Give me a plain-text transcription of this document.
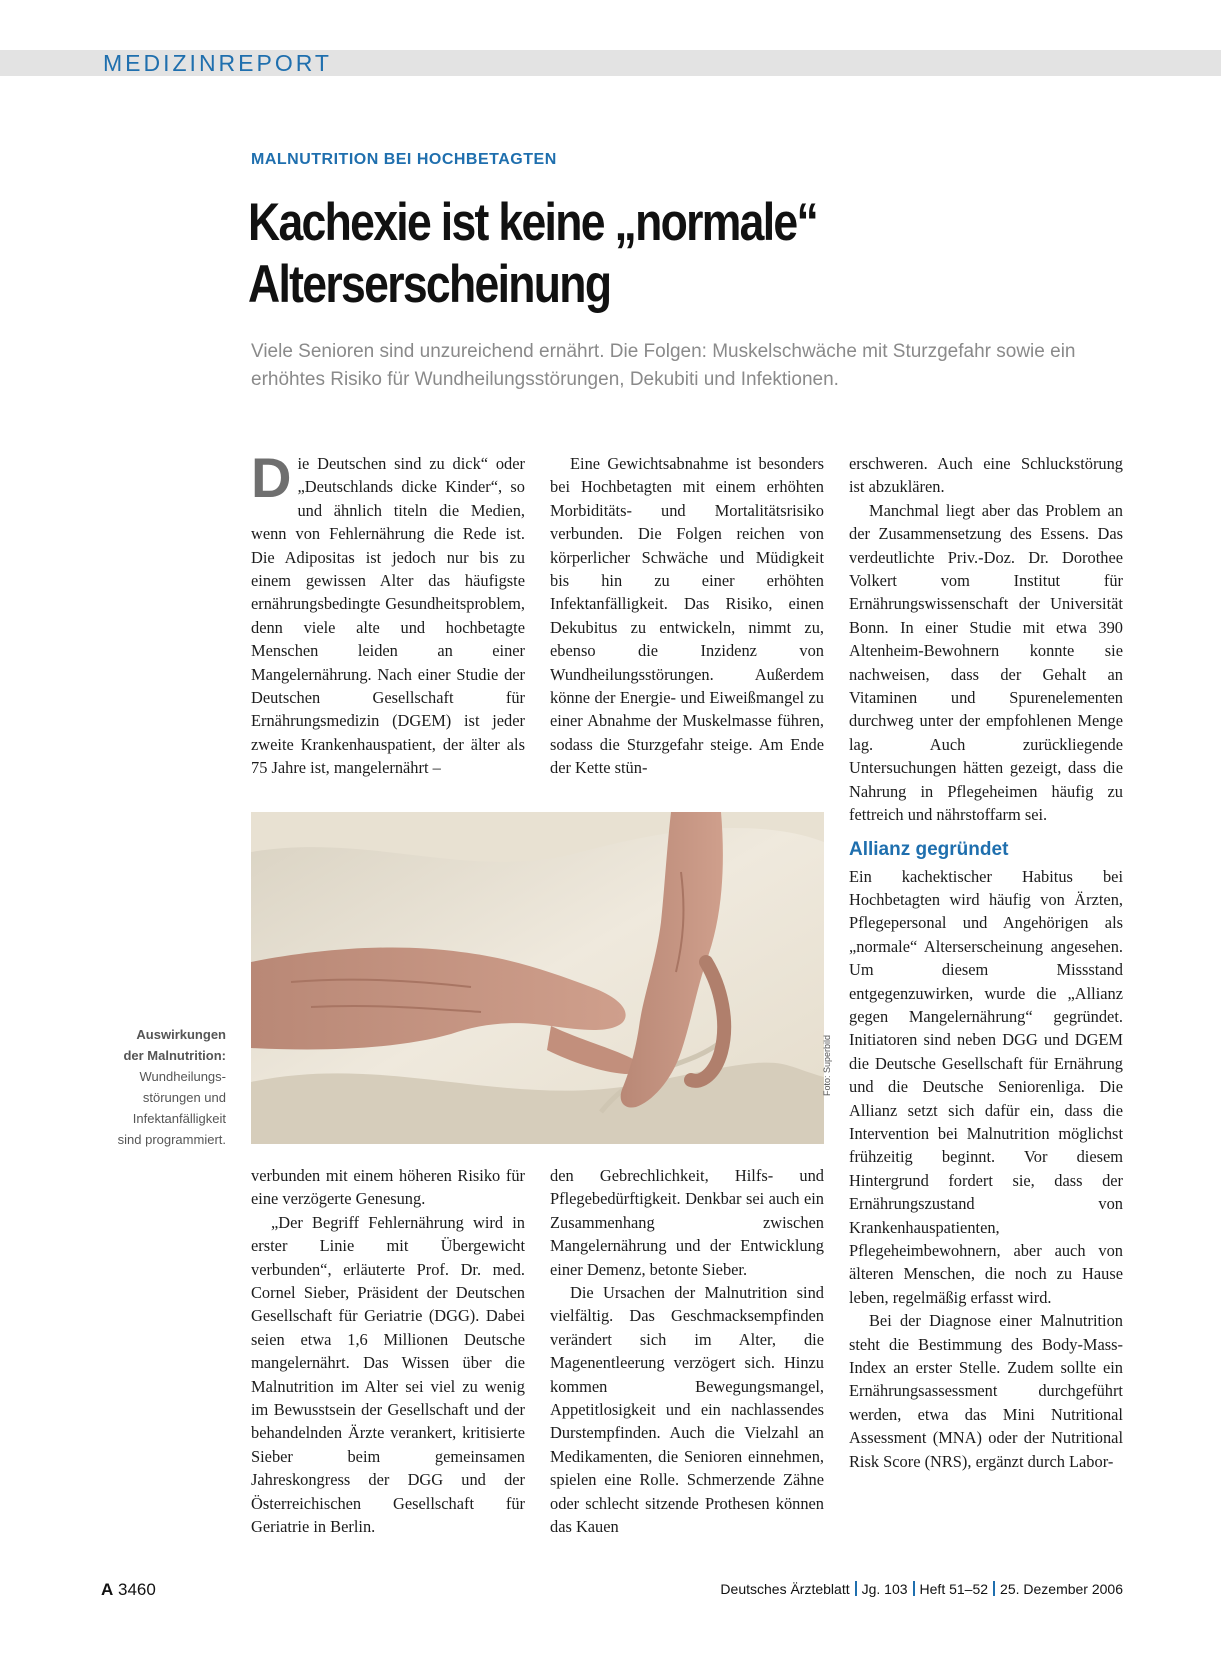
MEDIZINREPORT
MALNUTRITION BEI HOCHBETAGTEN
Kachexie ist keine „normale“
Alterserscheinung

Viele Senioren sind unzureichend ernährt. Die Folgen: Muskelschwäche mit Sturzgefahr sowie ein erhöhtes Risiko für Wundheilungsstörungen, Dekubiti und Infektionen.

D ie Deutschen sind zu dick“ oder „Deutschlands dicke Kinder“, so und ähnlich titeln die Medien, wenn von Fehlernährung die Rede ist. Die Adipositas ist jedoch nur bis zu einem gewissen Alter das häufigste ernährungsbedingte Gesundheitsproblem, denn viele alte und hochbetagte Menschen leiden an einer Mangelernährung. Nach einer Studie der Deutschen Gesellschaft für Ernährungsmedizin (DGEM) ist jeder zweite Krankenhauspatient, der älter als 75 Jahre ist, mangelernährt –

Eine Gewichtsabnahme ist besonders bei Hochbetagten mit einem erhöhten Morbiditäts- und Mortalitätsrisiko verbunden. Die Folgen reichen von körperlicher Schwäche und Müdigkeit bis hin zu einer erhöhten Infektanfälligkeit. Das Risiko, einen Dekubitus zu entwickeln, nimmt zu, ebenso die Inzidenz von Wundheilungsstörungen. Außerdem könne der Energie- und Eiweißmangel zu einer Abnahme der Muskelmasse führen, sodass die Sturzgefahr steige. Am Ende der Kette stün-

erschweren. Auch eine Schluckstörung ist abzuklären.

Manchmal liegt aber das Problem an der Zusammensetzung des Essens. Das verdeutlichte Priv.-Doz. Dr. Dorothee Volkert vom Institut für Ernährungswissenschaft der Universität Bonn. In einer Studie mit etwa 390 Altenheim-Bewohnern konnte sie nachweisen, dass der Gehalt an Vitaminen und Spurenelementen durchweg unter der empfohlenen Menge lag. Auch zurückliegende Untersuchungen hätten gezeigt, dass die Nahrung in Pflegeheimen häufig zu fettreich und nährstoffarm sei.

Allianz gegründet

Ein kachektischer Habitus bei Hochbetagten wird häufig von Ärzten, Pflegepersonal und Angehörigen als „normale“ Alterserscheinung angesehen. Um diesem Missstand entgegenzuwirken, wurde die „Allianz gegen Mangelernährung“ gegründet. Initiatoren sind neben DGG und DGEM die Deutsche Gesellschaft für Ernährung und die Deutsche Seniorenliga. Die Allianz setzt sich dafür ein, dass die Intervention bei Malnutrition möglichst frühzeitig beginnt. Vor diesem Hintergrund fordert sie, dass der Ernährungszustand von Krankenhauspatienten, Pflegeheimbewohnern, aber auch von älteren Menschen, die noch zu Hause leben, regelmäßig erfasst wird.

Bei der Diagnose einer Malnutrition steht die Bestimmung des Body-Mass-Index an erster Stelle. Zudem sollte ein Ernährungsassessment durchgeführt werden, etwa das Mini Nutritional Assessment (MNA) oder der Nutritional Risk Score (NRS), ergänzt durch Labor-

Foto: Superbild
Auswirkungen
der Malnutrition:
Wundheilungs-
störungen und
Infektanfälligkeit
sind programmiert.

verbunden mit einem höheren Risiko für eine verzögerte Genesung.

„Der Begriff Fehlernährung wird in erster Linie mit Übergewicht verbunden“, erläuterte Prof. Dr. med. Cornel Sieber, Präsident der Deutschen Gesellschaft für Geriatrie (DGG). Dabei seien etwa 1,6 Millionen Deutsche mangelernährt. Das Wissen über die Malnutrition im Alter sei viel zu wenig im Bewusstsein der Gesellschaft und der behandelnden Ärzte verankert, kritisierte Sieber beim gemeinsamen Jahreskongress der DGG und der Österreichischen Gesellschaft für Geriatrie in Berlin.

den Gebrechlichkeit, Hilfs- und Pflegebedürftigkeit. Denkbar sei auch ein Zusammenhang zwischen Mangelernährung und der Entwicklung einer Demenz, betonte Sieber.

Die Ursachen der Malnutrition sind vielfältig. Das Geschmacksempfinden verändert sich im Alter, die Magenentleerung verzögert sich. Hinzu kommen Bewegungsmangel, Appetitlosigkeit und ein nachlassendes Durstempfinden. Auch die Vielzahl an Medikamenten, die Senioren einnehmen, spielen eine Rolle. Schmerzende Zähne oder schlecht sitzende Prothesen können das Kauen

A 3460	Deutsches Ärzteblatt Jg. 103 Heft 51–52 25. Dezember 2006
